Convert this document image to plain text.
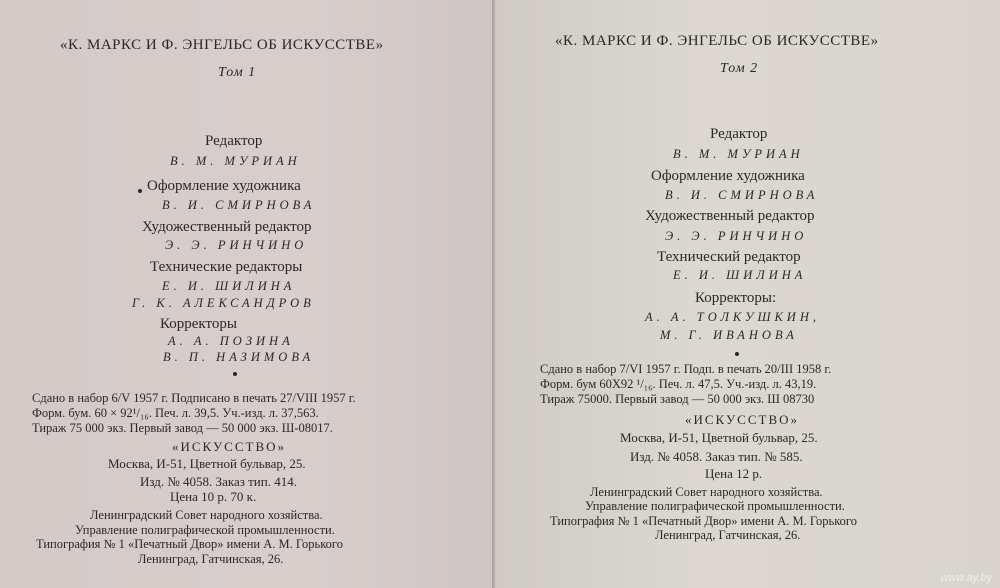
«К. МАРКС И Ф. ЭНГЕЛЬС ОБ ИСКУССТВЕ»
Том 1
Редактор
В. М. МУРИАН
Оформление художника
В. И. СМИРНОВА
Художественный редактор
Э. Э. РИНЧИНО
Технические редакторы
Е. И. ШИЛИНА
Г. К. АЛЕКСАНДРОВ
Корректоры
А. А. ПОЗИНА
В. П. НАЗИМОВА
Сдано в набор 6/V 1957 г. Подписано в печать 27/VIII 1957 г.
Форм. бум. 60 × 92¹/₁₆. Печ. л. 39,5. Уч.-изд. л. 37,563.
Тираж 75 000 экз. Первый завод — 50 000 экз. Ш-08017.
«ИСКУССТВО»
Москва, И-51, Цветной бульвар, 25.
Изд. № 4058. Заказ тип. 414.
Цена 10 р. 70 к.
Ленинградский Совет народного хозяйства.
Управление полиграфической промышленности.
Типография № 1 «Печатный Двор» имени А. М. Горького
Ленинград, Гатчинская, 26.
«К. МАРКС И Ф. ЭНГЕЛЬС ОБ ИСКУССТВЕ»
Том 2
Редактор
В. М. МУРИАН
Оформление художника
В. И. СМИРНОВА
Художественный редактор
Э. Э. РИНЧИНО
Технический редактор
Е. И. ШИЛИНА
Корректоры:
А. А. ТОЛКУШКИН,
М. Г. ИВАНОВА
Сдано в набор 7/VI 1957 г. Подп. в печать 20/III 1958 г.
Форм. бум 60X92 ¹/₁₆. Печ. л. 47,5. Уч.-изд. л. 43,19.
Тираж 75000. Первый завод — 50 000 экз. Ш 08730
«ИСКУССТВО»
Москва, И-51, Цветной бульвар, 25.
Изд. № 4058. Заказ тип. № 585.
Цена 12 р.
Ленинградский Совет народного хозяйства.
Управление полиграфической промышленности.
Типография № 1 «Печатный Двор» имени А. М. Горького
Ленинград, Гатчинская, 26.
www.ay.by
